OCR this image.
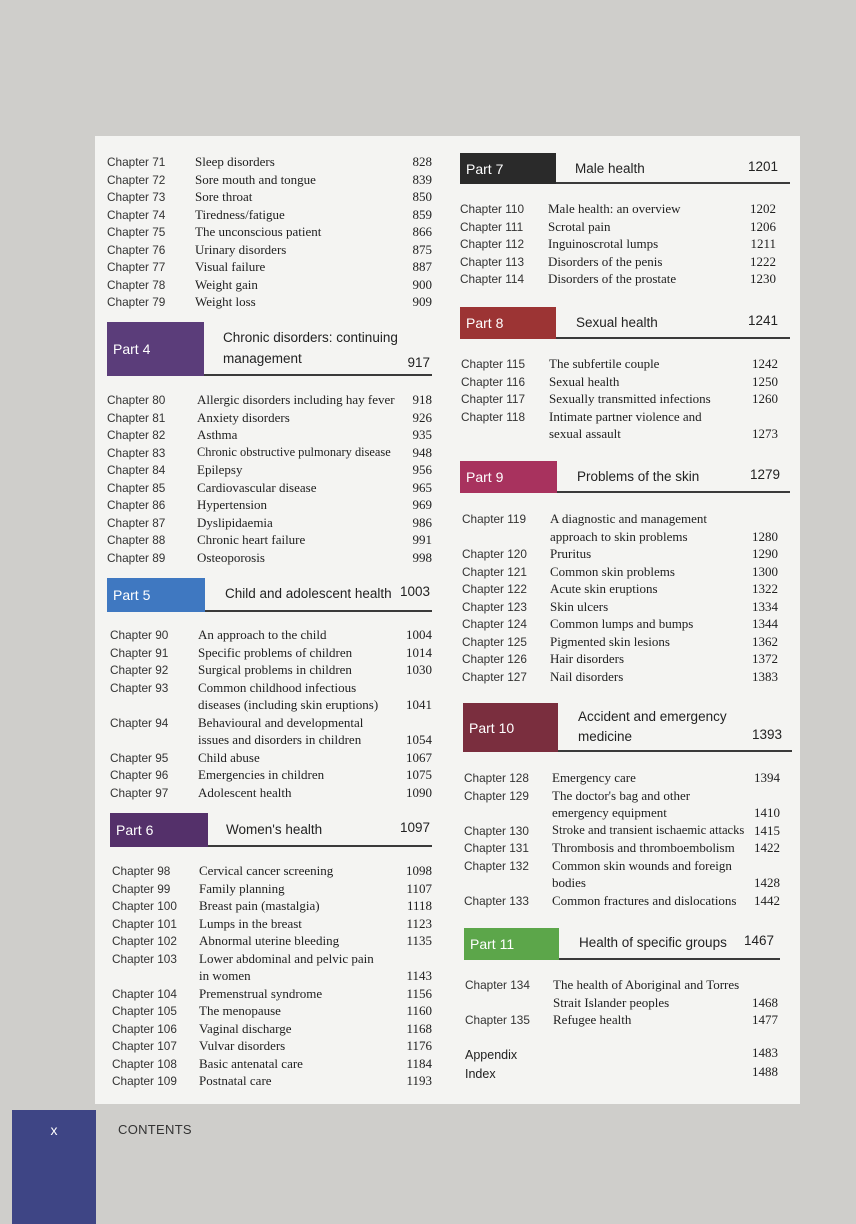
Chapter 71 Sleep disorders	828
Chapter 72 Sore mouth and tongue	839
Chapter 73 Sore throat	850
Chapter 74 Tiredness/fatigue	859
Chapter 75 The unconscious patient	866
Chapter 76 Urinary disorders	875
Chapter 77 Visual failure	887
Chapter 78 Weight gain	900
Chapter 79 Weight loss	909
Part 4
Chronic disorders: continuing
management	917
Chapter 80 Allergic disorders including hay fever 918
Chapter 81 Anxiety disorders	926
Chapter 82 Asthma	935
Chapter 83	Chronic obstructive pulmonary disease 948
Chapter 84 Epilepsy	956
Chapter 85 Cardiovascular disease	965
Chapter 86 Hypertension	969
Chapter 87 Dyslipidaemia	986
Chapter 88 Chronic heart failure	991
Chapter 89 Osteoporosis	998
Part 5	Child and adolescent health 1003
Chapter 90 An approach to the child	1004
Chapter 91 Specific problems of children	1014
Chapter 92 Surgical problems in children	1030
Chapter 93 Common childhood infectious
diseases (including skin eruptions) 1041
Chapter 94 Behavioural and developmental
issues and disorders in children	1054
Chapter 95 Child abuse	1067
Chapter 96 Emergencies in children	1075
Chapter 97 Adolescent health	1090
Part 6	Women's health	1097
Chapter 98 Cervical cancer screening	1098
Chapter 99 Family planning	1107
Chapter 100 Breast pain (mastalgia)	1118
Chapter 101 Lumps in the breast	1123
Chapter 102 Abnormal uterine bleeding	1135
Chapter 103 Lower abdominal and pelvic pain
in women	1143
Chapter 104 Premenstrual syndrome	1156
Chapter 105 The menopause	1160
Chapter 106 Vaginal discharge	1168
Chapter 107 Vulvar disorders	1176
Chapter 108 Basic antenatal care	1184
Chapter 109 Postnatal care	1193
Part 7	Male health	1201
Chapter 110 Male health: an overview	1202
Chapter 111 Scrotal pain	1206
Chapter 112 Inguinoscrotal lumps	1211
Chapter 113 Disorders of the penis	1222
Chapter 114 Disorders of the prostate	1230
Part 8	Sexual health	1241
Chapter 115 The subfertile couple	1242
Chapter 116 Sexual health	1250
Chapter 117 Sexually transmitted infections	1260
Chapter 118 Intimate partner violence and
sexual assault	1273
Part 9	Problems of the skin	1279
Chapter 119 A diagnostic and management
approach to skin problems	1280
Chapter 120 Pruritus	1290
Chapter 121 Common skin problems	1300
Chapter 122 Acute skin eruptions	1322
Chapter 123 Skin ulcers	1334
Chapter 124 Common lumps and bumps	1344
Chapter 125 Pigmented skin lesions	1362
Chapter 126 Hair disorders	1372
Chapter 127 Nail disorders	1383
Part 10
Accident and emergency
medicine	1393
Chapter 128 Emergency care	1394
Chapter 129 The doctor's bag and other
emergency equipment	1410
Chapter 130 Stroke and transient ischaemic attacks 1415
Chapter 131 Thrombosis and thromboembolism 1422
Chapter 132 Common skin wounds and foreign
bodies	1428
Chapter 133 Common fractures and dislocations 1442
Part 11	Health of specific groups 1467
Chapter 134 The health of Aboriginal and Torres
Strait Islander peoples	1468
Chapter 135 Refugee health	1477
Appendix	1483
Index	1488
x	CONTENTS
